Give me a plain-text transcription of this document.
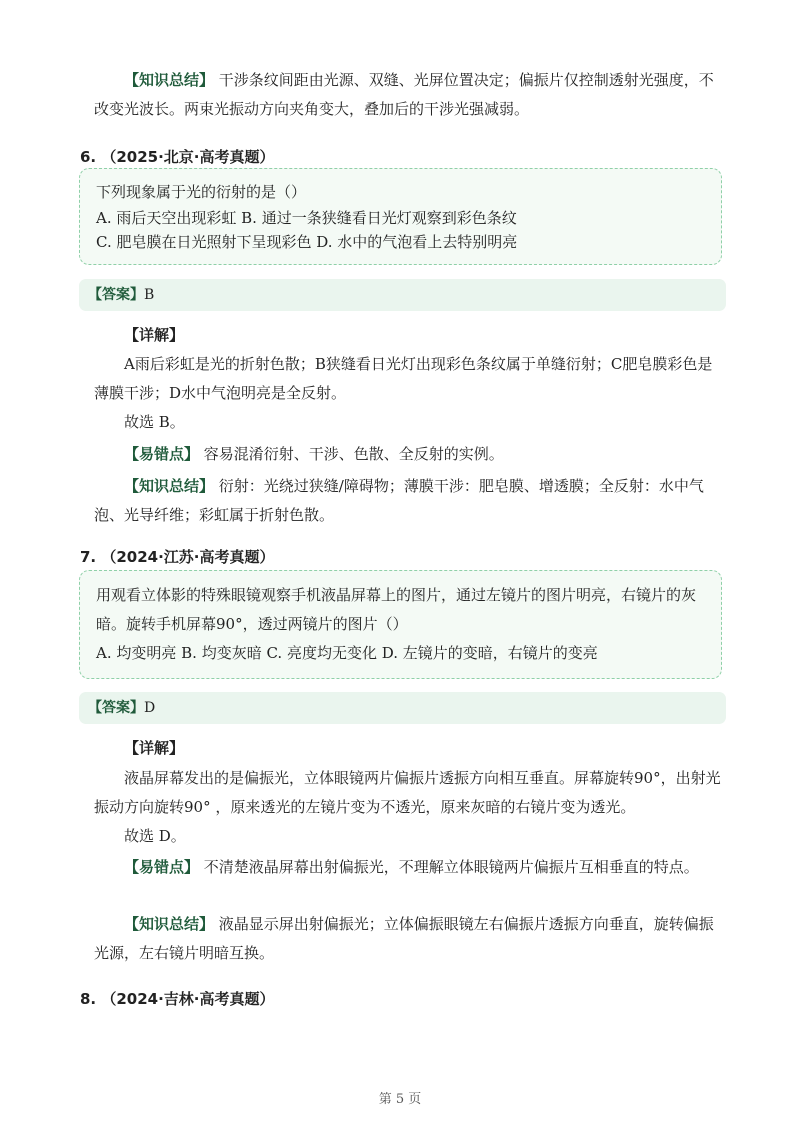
【知识总结】 干涉条纹间距由光源、双缝、光屏位置决定；偏振片仅控制透射光强度，不改变光波长。两束光振动方向夹角变大，叠加后的干涉光强减弱。
6. （2025·北京·高考真题）
下列现象属于光的衍射的是（）
A. 雨后天空出现彩虹 B. 通过一条狭缝看日光灯观察到彩色条纹
C. 肥皂膜在日光照射下呈现彩色 D. 水中的气泡看上去特别明亮
【答案】B
【详解】
A雨后彩虹是光的折射色散；B狭缝看日光灯出现彩色条纹属于单缝衍射；C肥皂膜彩色是薄膜干涉；D水中气泡明亮是全反射。
故选 B。
【易错点】 容易混淆衍射、干涉、色散、全反射的实例。
【知识总结】 衍射：光绕过狭缝/障碍物；薄膜干涉：肥皂膜、增透膜；全反射：水中气泡、光导纤维；彩虹属于折射色散。
7. （2024·江苏·高考真题）
用观看立体影的特殊眼镜观察手机液晶屏幕上的图片，通过左镜片的图片明亮，右镜片的灰暗。旋转手机屏幕90°，透过两镜片的图片（）
A. 均变明亮 B. 均变灰暗 C. 亮度均无变化 D. 左镜片的变暗，右镜片的变亮
【答案】D
【详解】
液晶屏幕发出的是偏振光，立体眼镜两片偏振片透振方向相互垂直。屏幕旋转90°，出射光振动方向旋转90° ，原来透光的左镜片变为不透光，原来灰暗的右镜片变为透光。
故选 D。
【易错点】 不清楚液晶屏幕出射偏振光，不理解立体眼镜两片偏振片互相垂直的特点。
【知识总结】 液晶显示屏出射偏振光；立体偏振眼镜左右偏振片透振方向垂直，旋转偏振光源，左右镜片明暗互换。
8. （2024·吉林·高考真题）
第 5 页
